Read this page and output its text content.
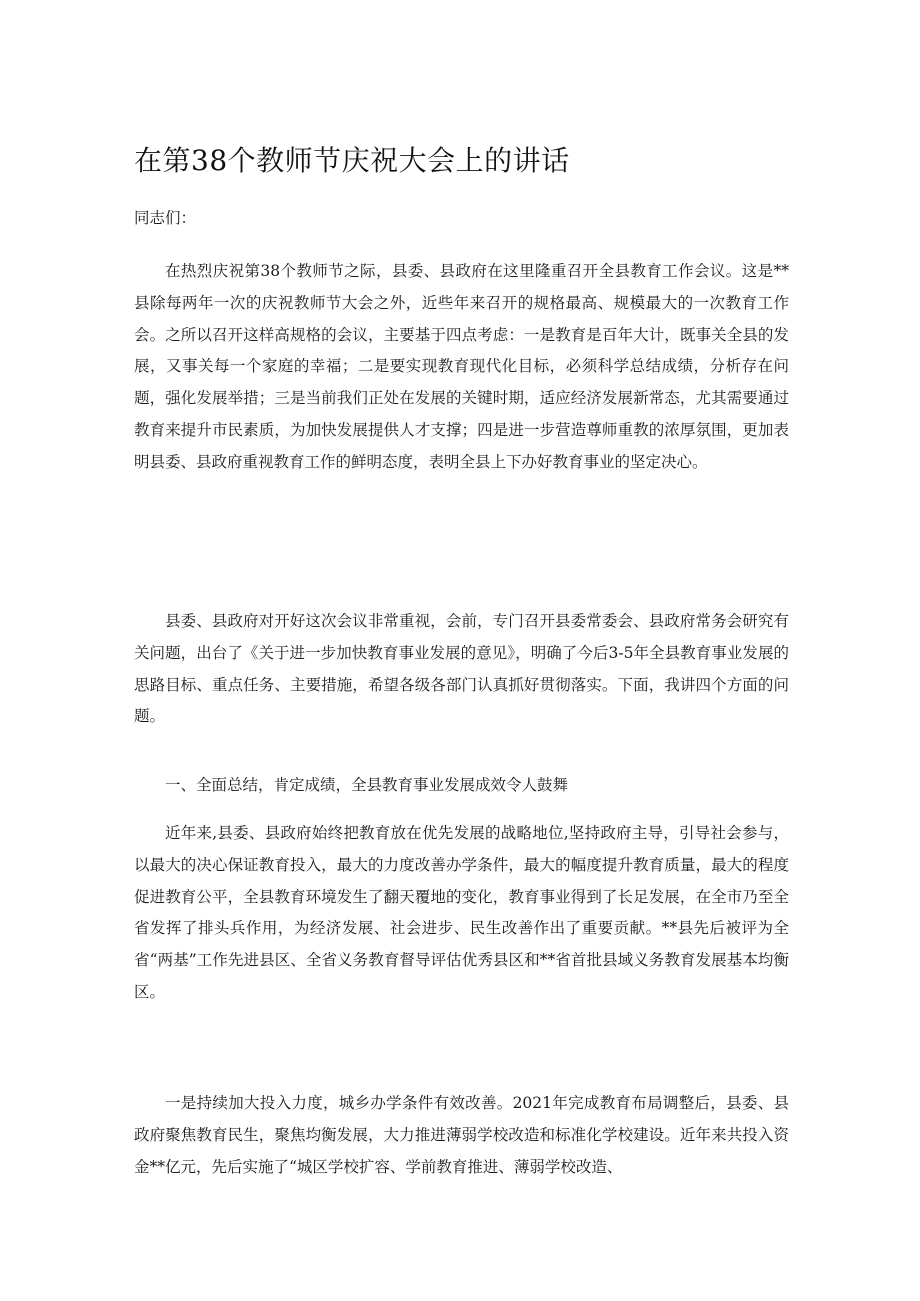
在第38个教师节庆祝大会上的讲话
同志们：

在热烈庆祝第38个教师节之际，县委、县政府在这里隆重召开全县教育工作会议。这是**县除每两年一次的庆祝教师节大会之外，近些年来召开的规格最高、规模最大的一次教育工作会。之所以召开这样高规格的会议，主要基于四点考虑：一是教育是百年大计，既事关全县的发展，又事关每一个家庭的幸福；二是要实现教育现代化目标，必须科学总结成绩，分析存在问题，强化发展举措；三是当前我们正处在发展的关键时期，适应经济发展新常态，尤其需要通过教育来提升市民素质，为加快发展提供人才支撑；四是进一步营造尊师重教的浓厚氛围，更加表明县委、县政府重视教育工作的鲜明态度，表明全县上下办好教育事业的坚定决心。

县委、县政府对开好这次会议非常重视，会前，专门召开县委常委会、县政府常务会研究有关问题，出台了《关于进一步加快教育事业发展的意见》，明确了今后3-5年全县教育事业发展的思路目标、重点任务、主要措施，希望各级各部门认真抓好贯彻落实。下面，我讲四个方面的问题。

一、全面总结，肯定成绩，全县教育事业发展成效令人鼓舞

近年来,县委、县政府始终把教育放在优先发展的战略地位,坚持政府主导，引导社会参与，以最大的决心保证教育投入，最大的力度改善办学条件，最大的幅度提升教育质量，最大的程度促进教育公平，全县教育环境发生了翻天覆地的变化，教育事业得到了长足发展，在全市乃至全省发挥了排头兵作用，为经济发展、社会进步、民生改善作出了重要贡献。**县先后被评为全省“两基”工作先进县区、全省义务教育督导评估优秀县区和**省首批县域义务教育发展基本均衡区。

一是持续加大投入力度，城乡办学条件有效改善。2021年完成教育布局调整后，县委、县政府聚焦教育民生，聚焦均衡发展，大力推进薄弱学校改造和标准化学校建设。近年来共投入资金**亿元，先后实施了“城区学校扩容、学前教育推进、薄弱学校改造、
